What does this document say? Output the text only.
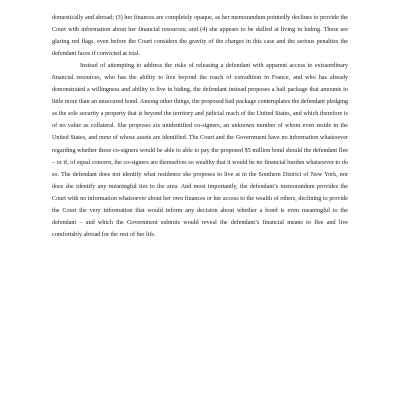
domestically and abroad; (3) her finances are completely opaque, as her memorandum pointedly declines to provide the Court with information about her financial resources; and (4) she appears to be skilled at living in hiding. These are glaring red flags, even before the Court considers the gravity of the charges in this case and the serious penalties the defendant faces if convicted at trial.

Instead of attempting to address the risks of releasing a defendant with apparent access to extraordinary financial resources, who has the ability to live beyond the reach of extradition in France, and who has already demonstrated a willingness and ability to live in hiding, the defendant instead proposes a bail package that amounts to little more than an unsecured bond. Among other things, the proposed bail package contemplates the defendant pledging as the sole security a property that is beyond the territory and judicial reach of the United States, and which therefore is of no value as collateral. She proposes six unidentified co-signers, an unknown number of whom even reside in the United States, and none of whose assets are identified. The Court and the Government have no information whatsoever regarding whether these co-signers would be able to able to pay the proposed $5 million bond should the defendant flee – or if, of equal concern, the co-signers are themselves so wealthy that it would be no financial burden whatsoever to do so. The defendant does not identify what residence she proposes to live at in the Southern District of New York, nor does she identify any meaningful ties to the area. And most importantly, the defendant’s memorandum provides the Court with no information whatsoever about her own finances or her access to the wealth of others, declining to provide the Court the very information that would inform any decision about whether a bond is even meaningful to the defendant – and which the Government submits would reveal the defendant’s financial means to flee and live comfortably abroad for the rest of her life.
